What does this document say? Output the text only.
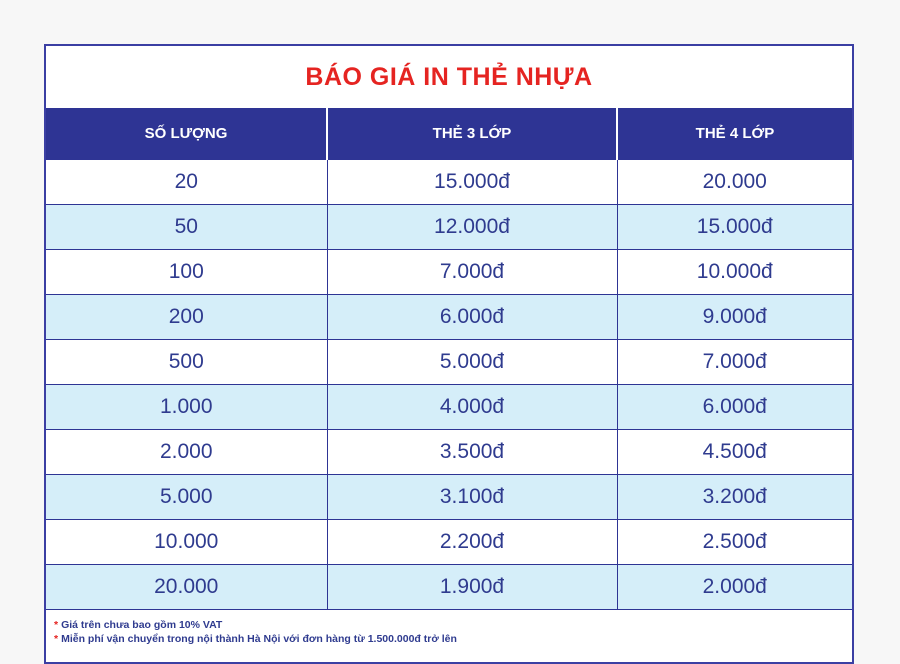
BÁO GIÁ IN THẺ NHỰA
SỐ LƯỢNG	THẺ 3 LỚP	THẺ 4 LỚP
20	15.000đ	20.000
50	12.000đ	15.000đ
100	7.000đ	10.000đ
200	6.000đ	9.000đ
500	5.000đ	7.000đ
1.000	4.000đ	6.000đ
2.000	3.500đ	4.500đ
5.000	3.100đ	3.200đ
10.000	2.200đ	2.500đ
20.000	1.900đ	2.000đ
* Giá trên chưa bao gồm 10% VAT
* Miễn phí vận chuyển trong nội thành Hà Nội với đơn hàng từ 1.500.000đ trở lên
